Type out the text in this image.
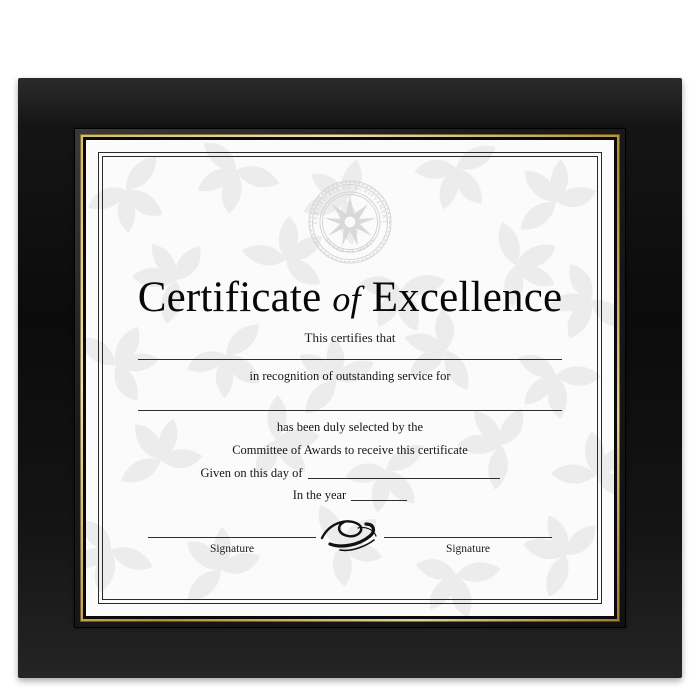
CERTIFICATE OF ACHIEVEMENT
AWARD OF MERIT
Certificate of Excellence
This certifies that
in recognition of outstanding service for
has been duly selected by the
Committee of Awards to receive this certificate
Given on this day of
In the year
Signature	Signature
